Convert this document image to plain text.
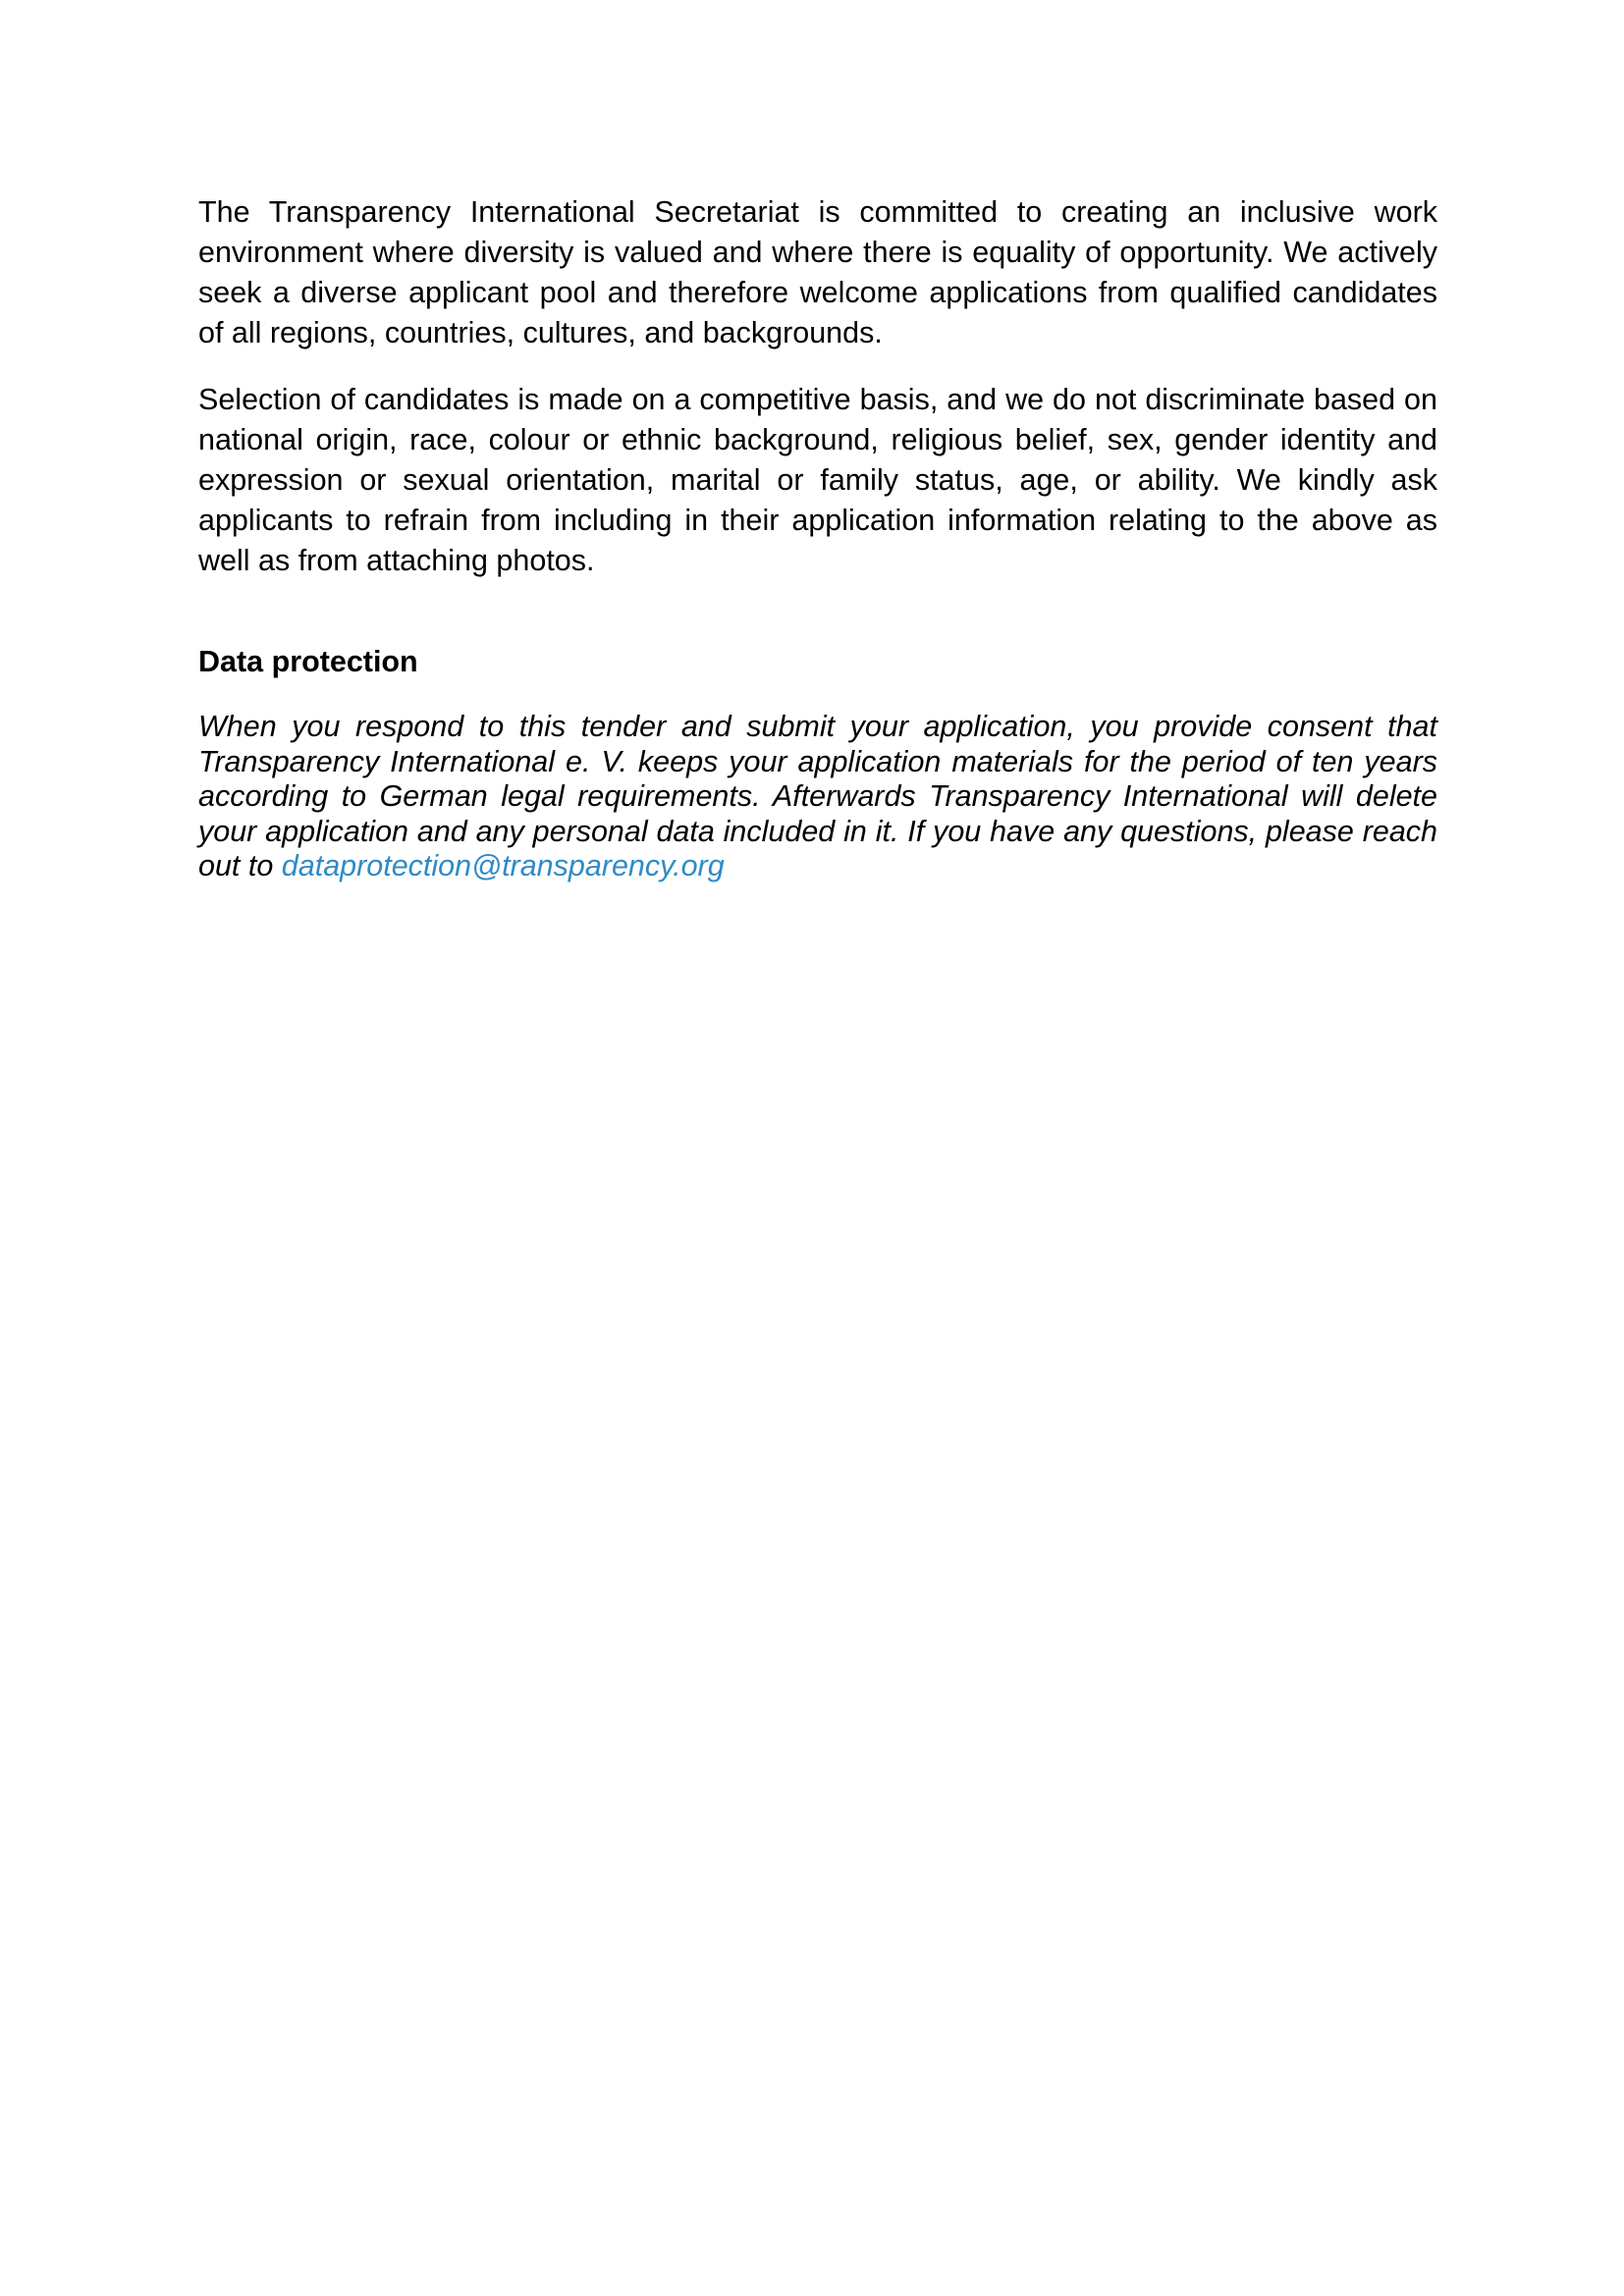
The Transparency International Secretariat is committed to creating an inclusive work environment where diversity is valued and where there is equality of opportunity. We actively seek a diverse applicant pool and therefore welcome applications from qualified candidates of all regions, countries, cultures, and backgrounds.

Selection of candidates is made on a competitive basis, and we do not discriminate based on national origin, race, colour or ethnic background, religious belief, sex, gender identity and expression or sexual orientation, marital or family status, age, or ability. We kindly ask applicants to refrain from including in their application information relating to the above as well as from attaching photos.

Data protection

When you respond to this tender and submit your application, you provide consent that Transparency International e. V. keeps your application materials for the period of ten years according to German legal requirements. Afterwards Transparency International will delete your application and any personal data included in it. If you have any questions, please reach out to dataprotection@transparency.org
